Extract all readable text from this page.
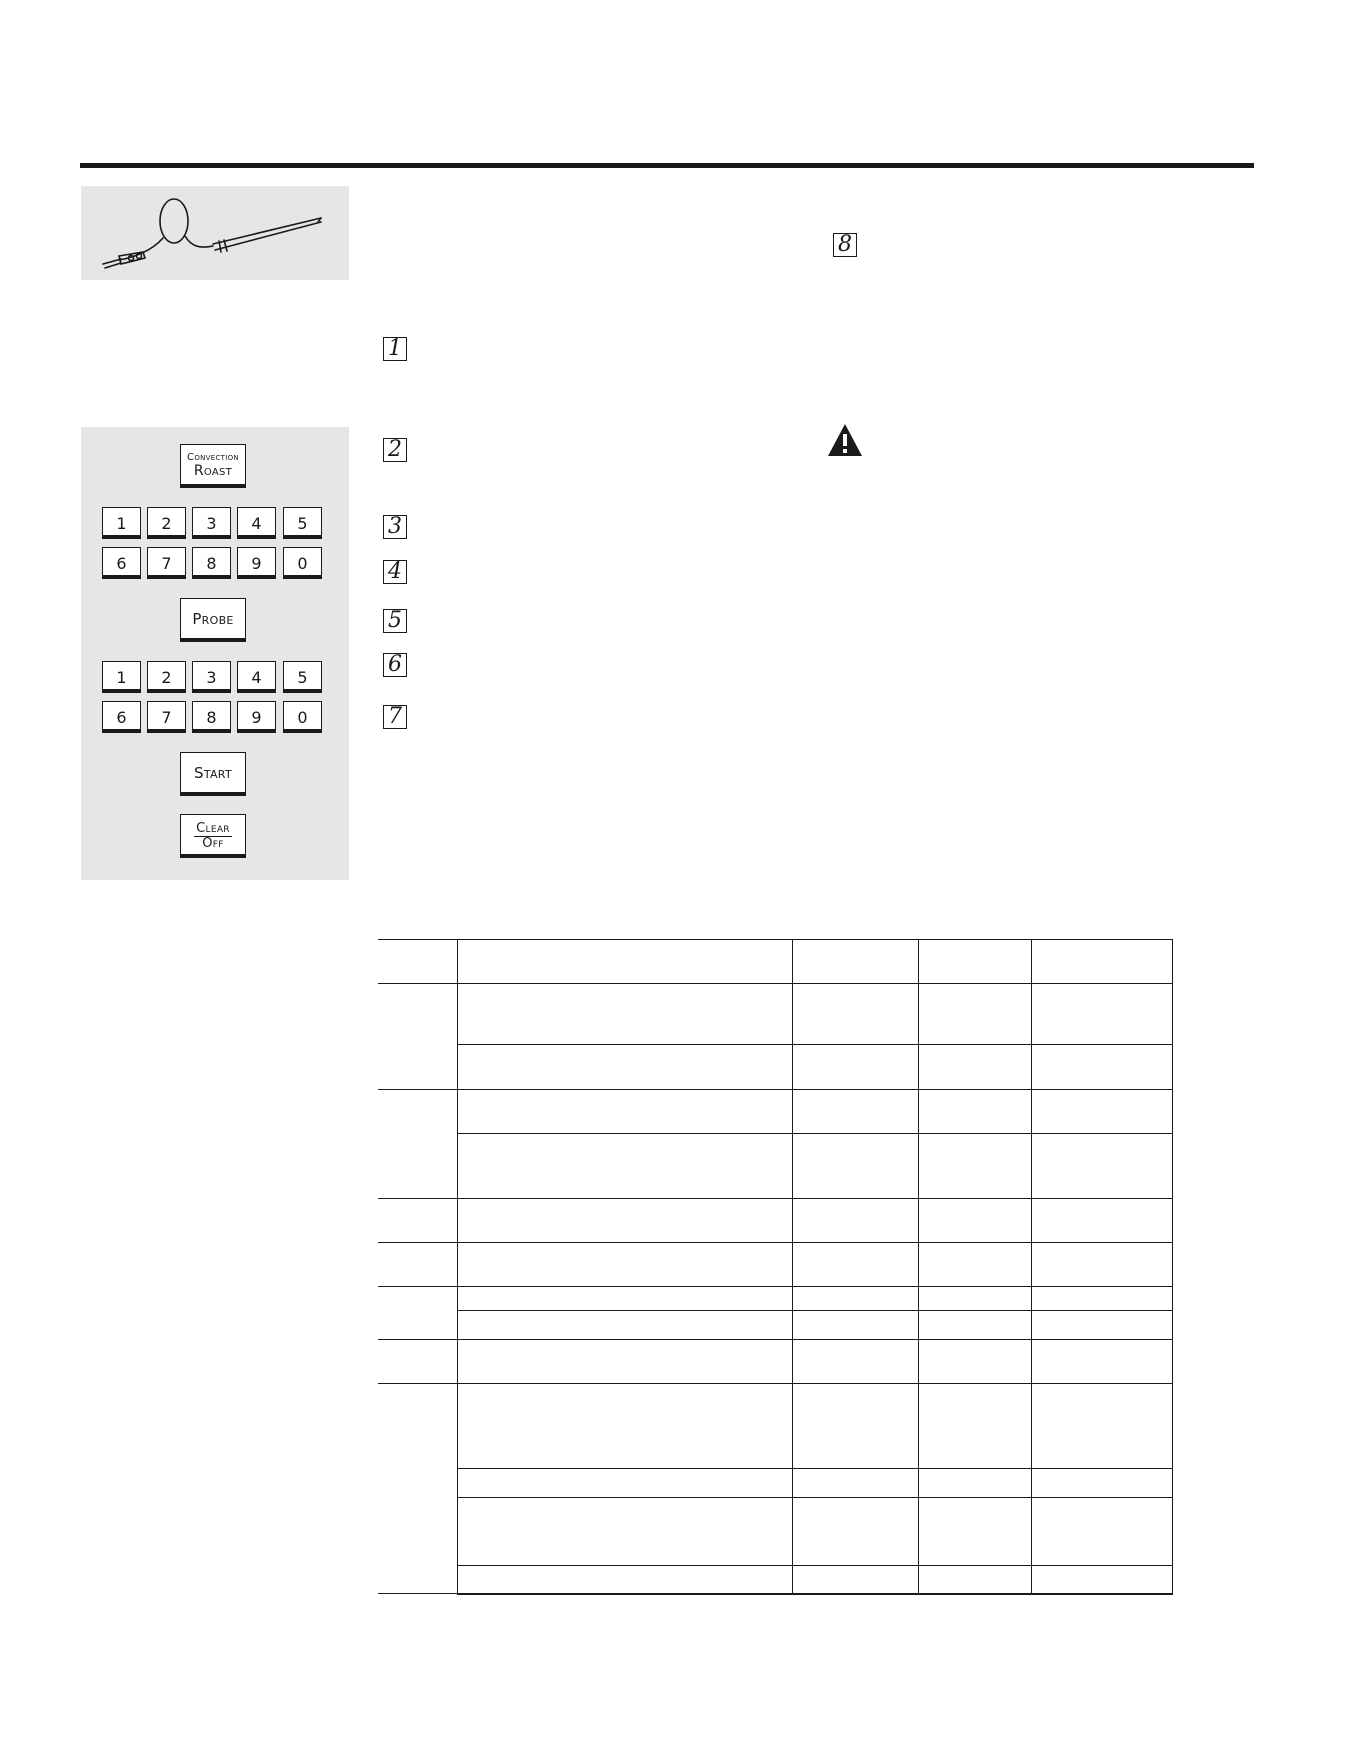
Convection
Roast
1	2	3	4	5
6	7	8	9	0
Probe
1	2	3	4	5
6	7	8	9	0
Start
Clear
Off
1
2
3
4
5
6
7
8
